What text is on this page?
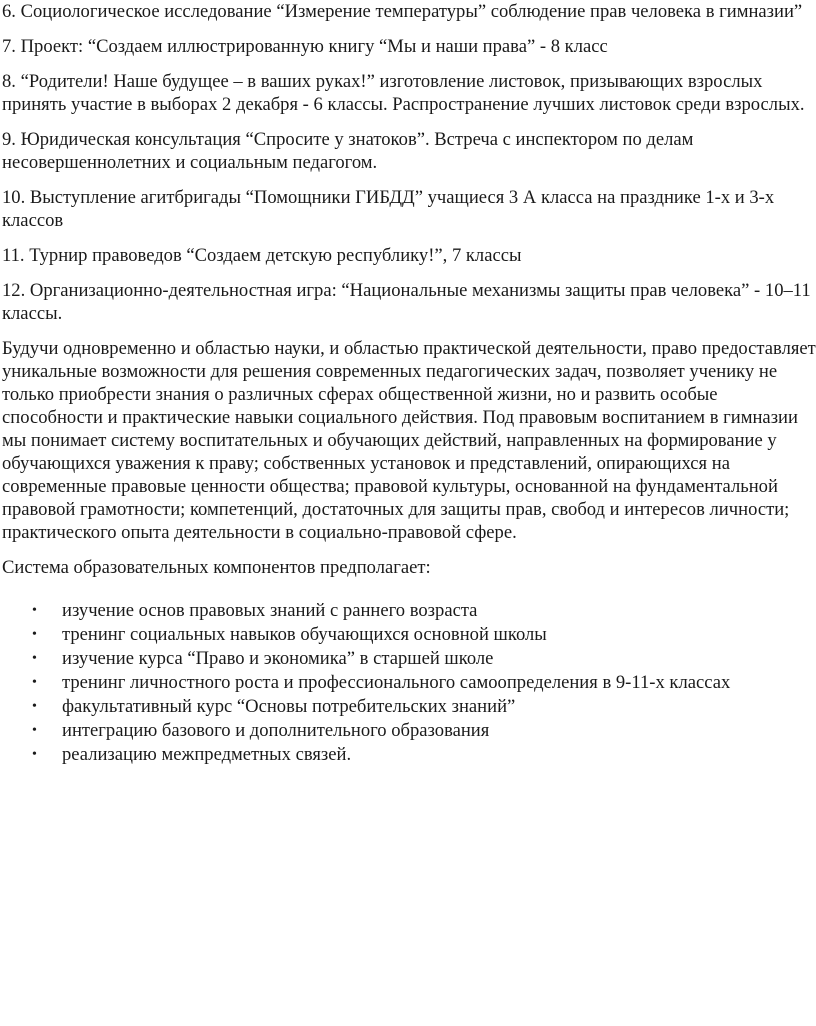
6. Социологическое исследование “Измерение температуры” соблюдение прав человека в гимназии”

7. Проект: “Создаем иллюстрированную книгу “Мы и наши права” - 8 класс

8. “Родители! Наше будущее – в ваших руках!” изготовление листовок, призывающих взрослых принять участие в выборах 2 декабря - 6 классы. Распространение лучших листовок среди взрослых.

9. Юридическая консультация “Спросите у знатоков”. Встреча с инспектором по делам несовершеннолетних и социальным педагогом.

10. Выступление агитбригады “Помощники ГИБДД” учащиеся 3 А класса на празднике 1-х и 3-х классов

11. Турнир правоведов “Создаем детскую республику!”, 7 классы

12. Организационно-деятельностная игра: “Национальные механизмы защиты прав человека” - 10–11 классы.

Будучи одновременно и областью науки, и областью практической деятельности, право предоставляет уникальные возможности для решения современных педагогических задач, позволяет ученику не только приобрести знания о различных сферах общественной жизни, но и развить особые способности и практические навыки социального действия. Под правовым воспитанием в гимназии мы понимает систему воспитательных и обучающих действий, направленных на формирование у обучающихся уважения к праву; собственных установок и представлений, опирающихся на современные правовые ценности общества; правовой культуры, основанной на фундаментальной правовой грамотности; компетенций, достаточных для защиты прав, свобод и интересов личности; практического опыта деятельности в социально-правовой сфере.

Система образовательных компонентов предполагает:

• изучение основ правовых знаний с раннего возраста
• тренинг социальных навыков обучающихся основной школы
• изучение курса “Право и экономика” в старшей школе
• тренинг личностного роста и профессионального самоопределения в 9-11-х классах
• факультативный курс “Основы потребительских знаний”
• интеграцию базового и дополнительного образования
• реализацию межпредметных связей.
